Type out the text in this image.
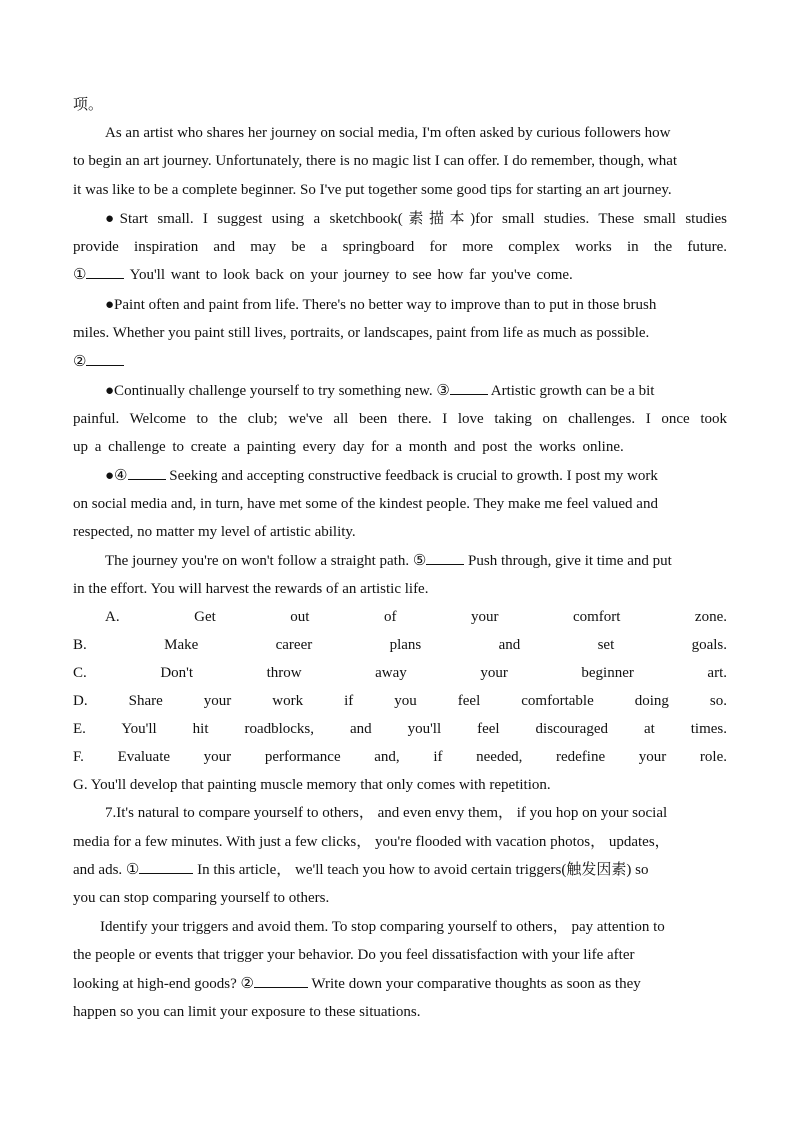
项。
As an artist who shares her journey on social media, I'm often asked by curious followers how
to begin an art journey. Unfortunately, there is no magic list I can offer. I do remember, though, what
it was like to be a complete beginner. So I've put together some good tips for starting an art journey.
●Start small. I suggest using a sketchbook(素描本)for small studies. These small studies
provide inspiration and may be a springboard for more complex works in the future.
①	You'll want to look back on your journey to see how far you've come.
●Paint often and paint from life. There's no better way to improve than to put in those brush
miles. Whether you paint still lives, portraits, or landscapes, paint from life as much as possible.
②
●Continually challenge yourself to try something new. ③	Artistic growth can be a bit
painful. Welcome to the club; we've all been there. I love taking on challenges. I once took
up a challenge to create a painting every day for a month and post the works online.
●④	Seeking and accepting constructive feedback is crucial to growth. I post my work
on social media and, in turn, have met some of the kindest people. They make me feel valued and
respected, no matter my level of artistic ability.
The journey you're on won't follow a straight path. ⑤	Push through, give it time and put
in the effort. You will harvest the rewards of an artistic life.
A.	Get out of your comfort zone.
B.	Make career plans and set goals.
C.	Don't throw away your beginner art.
D.	Share your work if you feel comfortable doing so.
E. You'll hit roadblocks, and you'll feel discouraged at times.
F. Evaluate your performance and, if needed, redefine your role.
G. You'll develop that painting muscle memory that only comes with repetition.
7.It's natural to compare yourself to others， and even envy them， if you hop on your social
media for a few minutes. With just a few clicks， you're flooded with vacation photos， updates，
and ads. ①	In this article， we'll teach you how to avoid certain triggers(触发因素) so
you can stop comparing yourself to others.
Identify your triggers and avoid them. To stop comparing yourself to others， pay attention to
the people or events that trigger your behavior. Do you feel dissatisfaction with your life after
looking at high-end goods? ②	Write down your comparative thoughts as soon as they
happen so you can limit your exposure to these situations.
